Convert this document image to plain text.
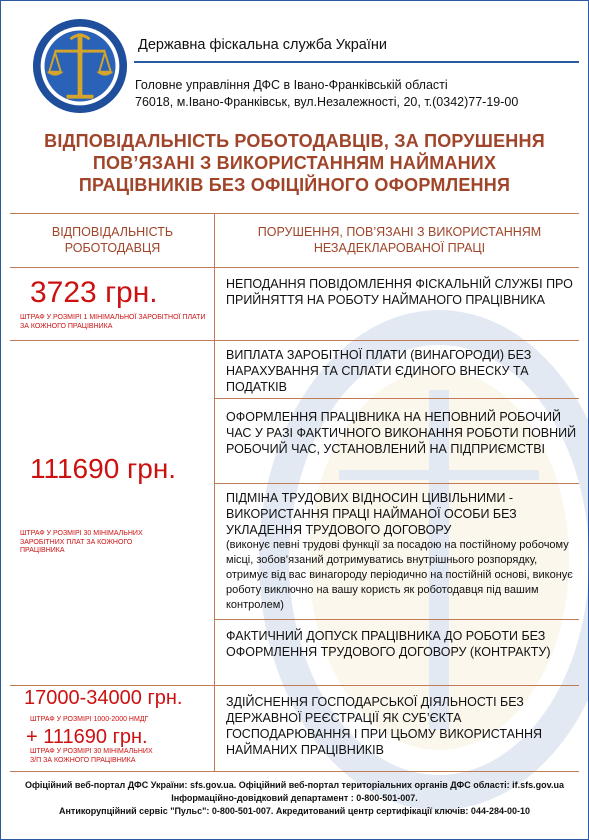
Державна фіскальна служба України
Головне управління ДФС в Івано-Франківській області
76018, м.Івано-Франківськ, вул.Незалежності, 20, т.(0342)77-19-00
ВІДПОВІДАЛЬНІСТЬ РОБОТОДАВЦІВ, ЗА ПОРУШЕННЯ
ПОВ’ЯЗАНІ З ВИКОРИСТАННЯМ НАЙМАНИХ
ПРАЦІВНИКІВ БЕЗ ОФІЦІЙНОГО ОФОРМЛЕННЯ
ВІДПОВІДАЛЬНІСТЬ РОБОТОДАВЦЯ
ПОРУШЕННЯ, ПОВ’ЯЗАНІ З ВИКОРИСТАННЯМ НЕЗАДЕКЛАРОВАНОЇ ПРАЦІ
3723 грн.
ШТРАФ У РОЗМІРІ 1 МІНІМАЛЬНОЇ ЗАРОБІТНОЇ ПЛАТИ ЗА КОЖНОГО ПРАЦІВНИКА
111690 грн.
ШТРАФ У РОЗМІРІ 30 МІНІМАЛЬНИХ ЗАРОБІТНИХ ПЛАТ ЗА КОЖНОГО ПРАЦІВНИКА
17000-34000 грн.
ШТРАФ У РОЗМІРІ 1000-2000 НМДГ
+ 111690 грн.
ШТРАФ У РОЗМІРІ 30 МІНІМАЛЬНИХ З/П ЗА КОЖНОГО ПРАЦІВНИКА
НЕПОДАННЯ ПОВІДОМЛЕННЯ ФІСКАЛЬНІЙ СЛУЖБІ ПРО ПРИЙНЯТТЯ НА РОБОТУ НАЙМАНОГО ПРАЦІВНИКА
ВИПЛАТА ЗАРОБІТНОЇ ПЛАТИ (ВИНАГОРОДИ) БЕЗ НАРАХУВАННЯ ТА СПЛАТИ ЄДИНОГО ВНЕСКУ ТА ПОДАТКІВ
ОФОРМЛЕННЯ ПРАЦІВНИКА НА НЕПОВНИЙ РОБОЧИЙ ЧАС У РАЗІ ФАКТИЧНОГО ВИКОНАННЯ РОБОТИ ПОВНИЙ РОБОЧИЙ ЧАС, УСТАНОВЛЕНИЙ НА ПІДПРИЄМСТВІ
ПІДМІНА ТРУДОВИХ ВІДНОСИН ЦИВІЛЬНИМИ - ВИКОРИСТАННЯ ПРАЦІ НАЙМАНОЇ ОСОБИ БЕЗ УКЛАДЕННЯ ТРУДОВОГО ДОГОВОРУ
(виконує певні трудові функції за посадою на постійному робочому місці, зобов’язаний дотримуватись внутрішнього розпорядку, отримує від вас винагороду періодично на постійній основі, виконує роботу виключно на вашу користь як роботодавця під вашим контролем)
ФАКТИЧНИЙ ДОПУСК ПРАЦІВНИКА ДО РОБОТИ БЕЗ ОФОРМЛЕННЯ ТРУДОВОГО ДОГОВОРУ (КОНТРАКТУ)
ЗДІЙСНЕННЯ ГОСПОДАРСЬКОЇ ДІЯЛЬНОСТІ БЕЗ ДЕРЖАВНОЇ РЕЄСТРАЦІЇ ЯК СУБ’ЄКТА ГОСПОДАРЮВАННЯ І ПРИ ЦЬОМУ ВИКОРИСТАННЯ НАЙМАНИХ ПРАЦІВНИКІВ
Офіційний веб-портал ДФС України: sfs.gov.ua. Офіційний веб-портал територіальних органів ДФС області: if.sfs.gov.ua
Інформаційно-довідковий департамент : 0-800-501-007.
Антикорупційний сервіс "Пульс": 0-800-501-007. Акредитований центр сертифікації ключів: 044-284-00-10
